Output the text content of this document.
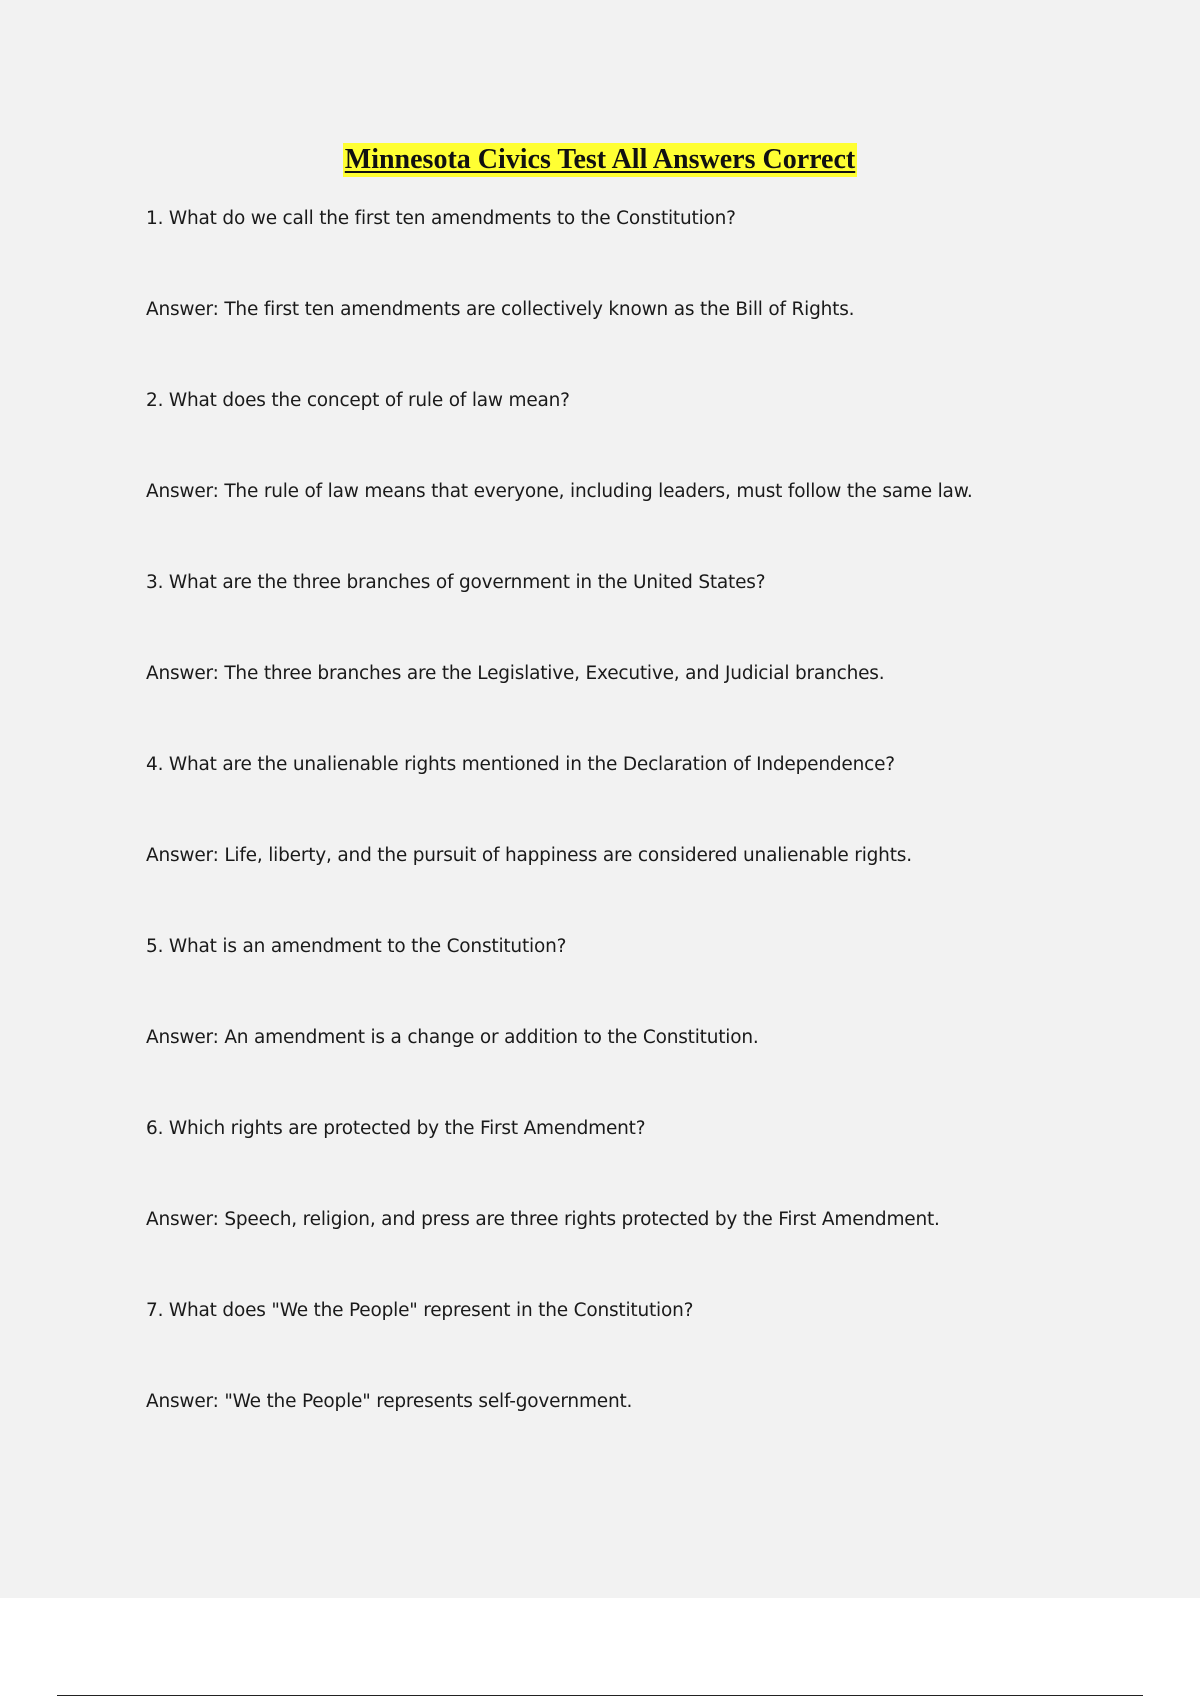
Minnesota Civics Test All Answers Correct
1. What do we call the first ten amendments to the Constitution?
Answer: The first ten amendments are collectively known as the Bill of Rights.
2. What does the concept of rule of law mean?
Answer: The rule of law means that everyone, including leaders, must follow the same law.
3. What are the three branches of government in the United States?
Answer: The three branches are the Legislative, Executive, and Judicial branches.
4. What are the unalienable rights mentioned in the Declaration of Independence?
Answer: Life, liberty, and the pursuit of happiness are considered unalienable rights.
5. What is an amendment to the Constitution?
Answer: An amendment is a change or addition to the Constitution.
6. Which rights are protected by the First Amendment?
Answer: Speech, religion, and press are three rights protected by the First Amendment.
7. What does "We the People" represent in the Constitution?
Answer: "We the People" represents self-government.
